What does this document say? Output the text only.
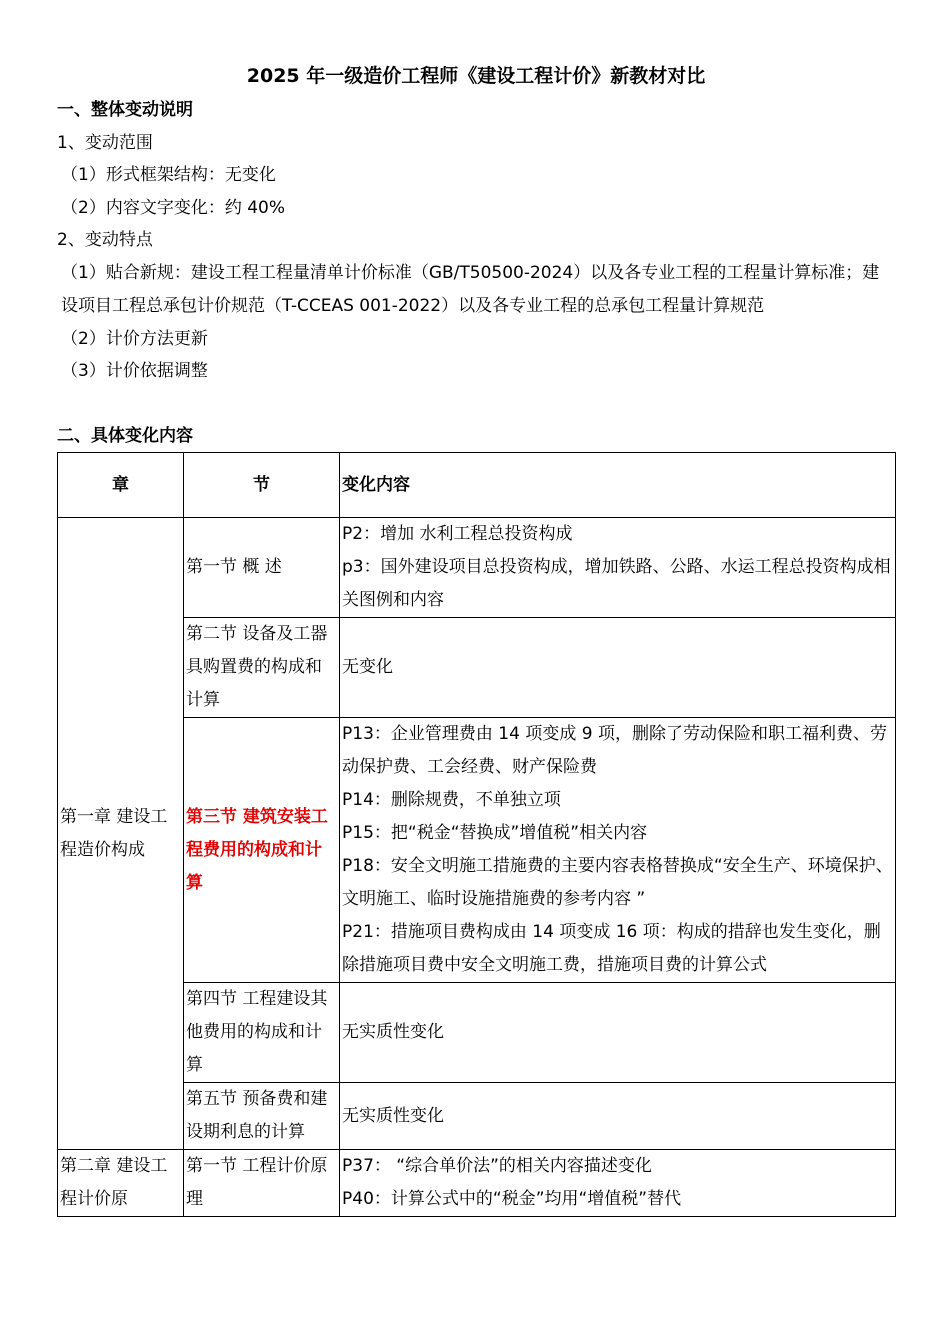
2025 年一级造价工程师《建设工程计价》新教材对比
一、整体变动说明
1、变动范围
（1）形式框架结构：无变化
（2）内容文字变化：约 40%
2、变动特点
（1）贴合新规：建设工程工程量清单计价标准（GB/T50500-2024）以及各专业工程的工程量计算标准；建设项目工程总承包计价规范（T-CCEAS 001-2022）以及各专业工程的总承包工程量计算规范
（2）计价方法更新
（3）计价依据调整
二、具体变化内容
章	节	变化内容
第一章 建设工程造价构成	第一节 概 述	P2：增加 水利工程总投资构成
p3：国外建设项目总投资构成，增加铁路、公路、水运工程总投资构成相关图例和内容

	第二节 设备及工器具购置费的构成和计算	无变化

	第三节 建筑安装工程费用的构成和计算	P13：企业管理费由 14 项变成 9 项，删除了劳动保险和职工福利费、劳动保护费、工会经费、财产保险费
P14：删除规费，不单独立项
P15：把“税金“替换成”增值税”相关内容
P18：安全文明施工措施费的主要内容表格替换成“安全生产、环境保护、文明施工、临时设施措施费的参考内容 ”
P21：措施项目费构成由 14 项变成 16 项：构成的措辞也发生变化，删除措施项目费中安全文明施工费，措施项目费的计算公式

	第四节 工程建设其他费用的构成和计算	无实质性变化

	第五节 预备费和建设期利息的计算	无实质性变化

第二章 建设工程计价原	第一节 工程计价原理	P37： “综合单价法”的相关内容描述变化
P40：计算公式中的“税金”均用“增值税”替代
